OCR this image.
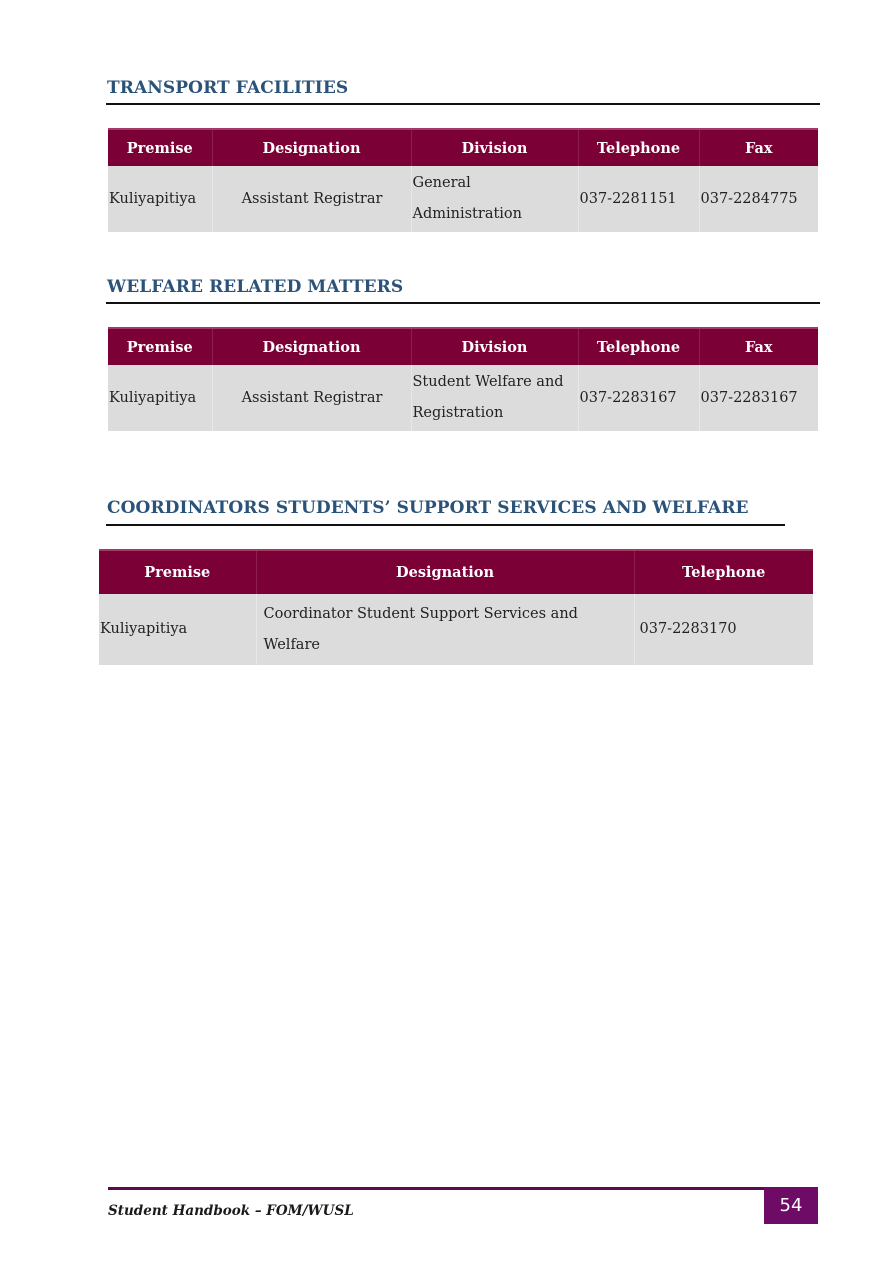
TRANSPORT FACILITIES
Premise	Designation	Division	Telephone	Fax
Kuliyapitiya	Assistant Registrar	General Administration	037-2281151	037-2284775
WELFARE RELATED MATTERS
Premise	Designation	Division	Telephone	Fax
Kuliyapitiya	Assistant Registrar	Student Welfare and Registration	037-2283167	037-2283167
COORDINATORS STUDENTS’ SUPPORT SERVICES AND WELFARE
Premise	Designation	Telephone
Kuliyapitiya	Coordinator Student Support Services and Welfare	037-2283170
Student Handbook – FOM/WUSL	54
